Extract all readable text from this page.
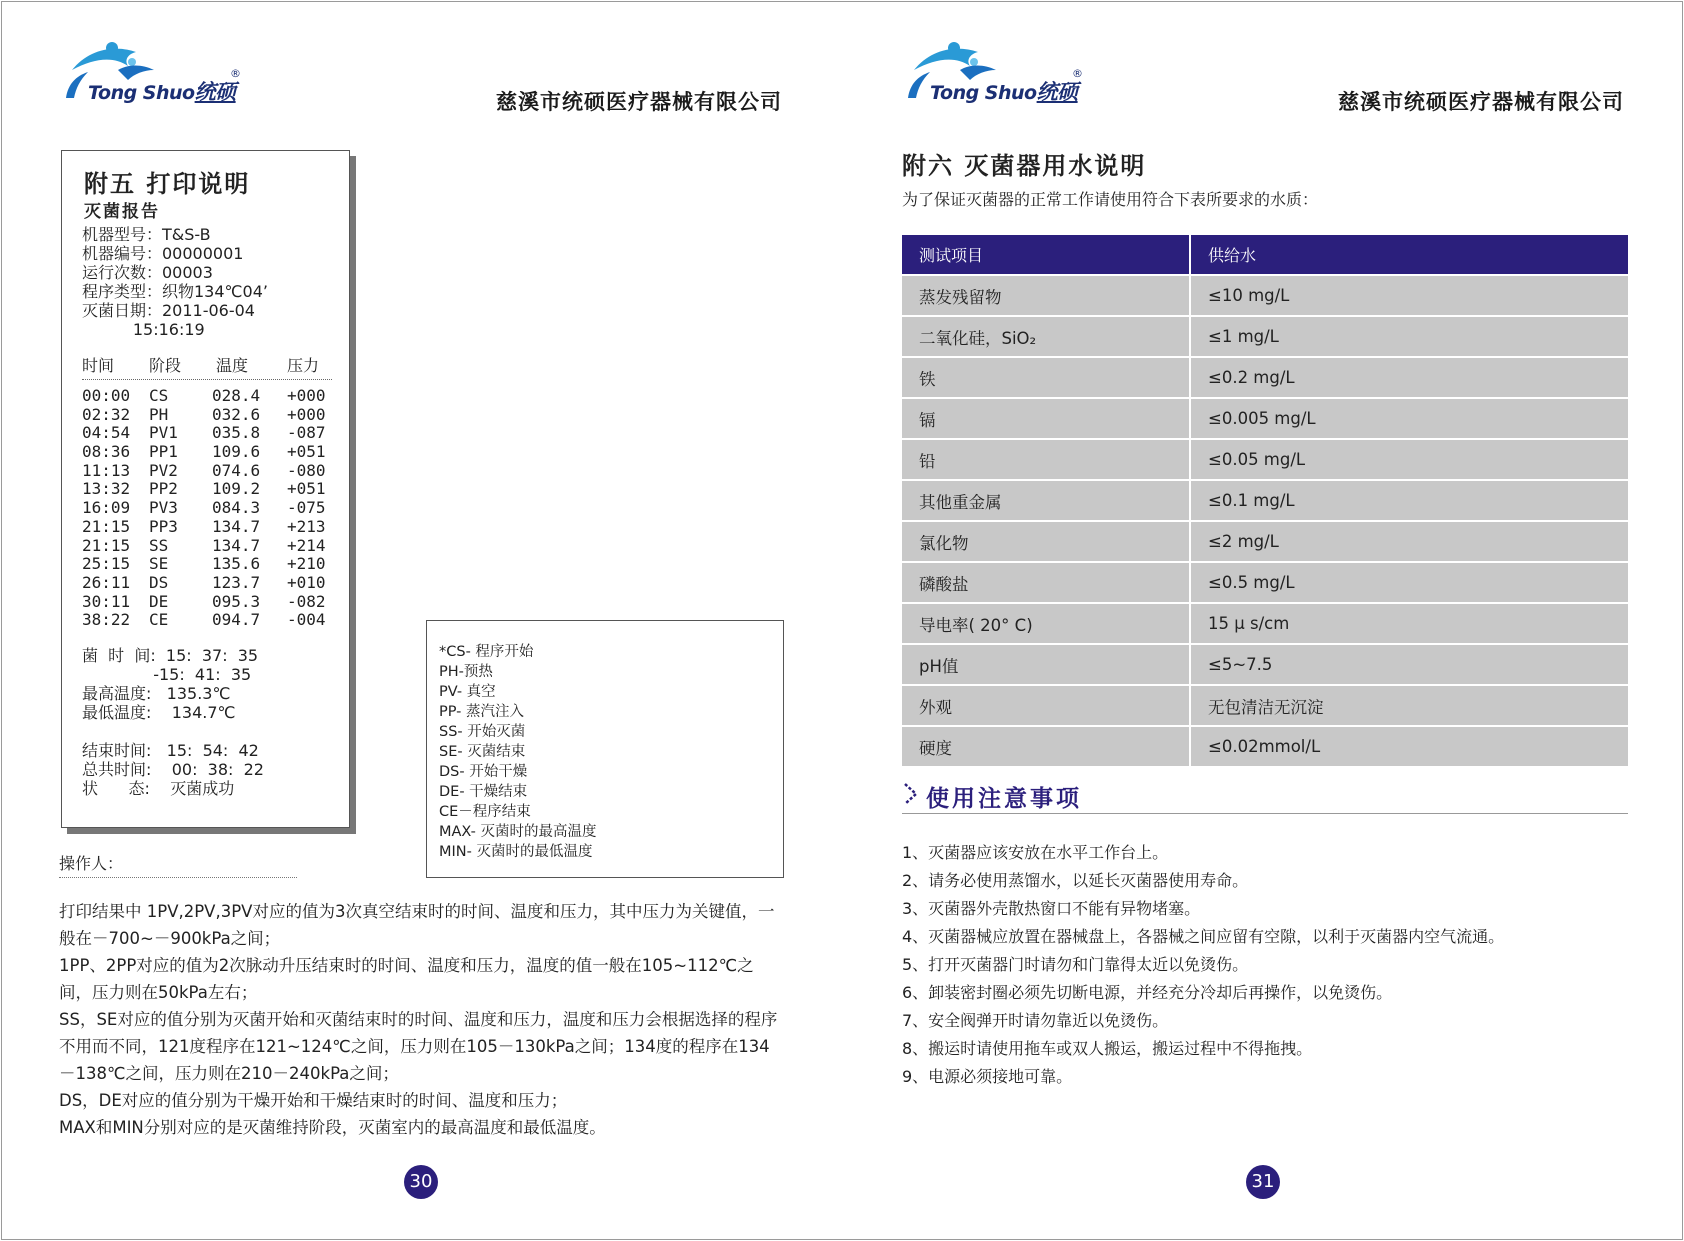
Tong Shuo统硕
®
慈溪市统硕医疗器械有限公司
附五 打印说明
灭菌报告
机器型号：T&S-B
机器编号：00000001
运行次数：00003
程序类型：织物134℃04’
灭菌日期：2011-06-04
15:16:19
时间 阶段 温度 压力
00:00 CS	028.4 +000
02:32 PH	032.6 +000
04:54 PV1 035.8 -087
08:36 PP1 109.6 +051
11:13 PV2 074.6 -080
13:32 PP2 109.2 +051
16:09 PV3 084.3 -075
21:15 PP3 134.7 +213
21:15 SS	134.7 +214
25:15 SE	135.6 +210
26:11 DS	123.7 +010
30:11 DE	095.3 -082
38:22 CE	094.7 -004
菌  时  间:  15:  37:  35
-15:  41:  35
最高温度:   135.3℃
最低温度:    134.7℃
结束时间:   15:  54:  42
总共时间:    00:  38:  22
状      态:    灭菌成功
操作人：
*CS- 程序开始
PH-预热
PV- 真空
PP- 蒸汽注入
SS- 开始灭菌
SE- 灭菌结束
DS- 开始干燥
DE- 干燥结束
CE－程序结束
MAX- 灭菌时的最高温度
MIN- 灭菌时的最低温度
打印结果中 1PV,2PV,3PV对应的值为3次真空结束时的时间、温度和压力，其中压力为关键值，一般在－700~－900kPa之间；
1PP、2PP对应的值为2次脉动升压结束时的时间、温度和压力，温度的值一般在105~112℃之间，压力则在50kPa左右；
SS，SE对应的值分别为灭菌开始和灭菌结束时的时间、温度和压力，温度和压力会根据选择的程序不用而不同，121度程序在121~124℃之间，压力则在105－130kPa之间；134度的程序在134－138℃之间，压力则在210－240kPa之间；
DS，DE对应的值分别为干燥开始和干燥结束时的时间、温度和压力；
MAX和MIN分别对应的是灭菌维持阶段，灭菌室内的最高温度和最低温度。
30
Tong Shuo统硕
®
慈溪市统硕医疗器械有限公司
附六 灭菌器用水说明
为了保证灭菌器的正常工作请使用符合下表所要求的水质：
测试项目	供给水
蒸发残留物	≤10 mg/L
二氧化硅，SiO₂	≤1 mg/L
铁	≤0.2 mg/L
镉	≤0.005 mg/L
铅	≤0.05 mg/L
其他重金属	≤0.1 mg/L
氯化物	≤2 mg/L
磷酸盐	≤0.5 mg/L
导电率( 20° C)	15 μ s/cm
pH值	≤5~7.5
外观	无包清洁无沉淀
硬度	≤0.02mmol/L
使用注意事项
1、灭菌器应该安放在水平工作台上。
2、请务必使用蒸馏水，以延长灭菌器使用寿命。
3、灭菌器外壳散热窗口不能有异物堵塞。
4、灭菌器械应放置在器械盘上，各器械之间应留有空隙，以利于灭菌器内空气流通。
5、打开灭菌器门时请勿和门靠得太近以免烫伤。
6、卸装密封圈必须先切断电源，并经充分冷却后再操作，以免烫伤。
7、安全阀弹开时请勿靠近以免烫伤。
8、搬运时请使用拖车或双人搬运，搬运过程中不得拖拽。
9、电源必须接地可靠。
31
